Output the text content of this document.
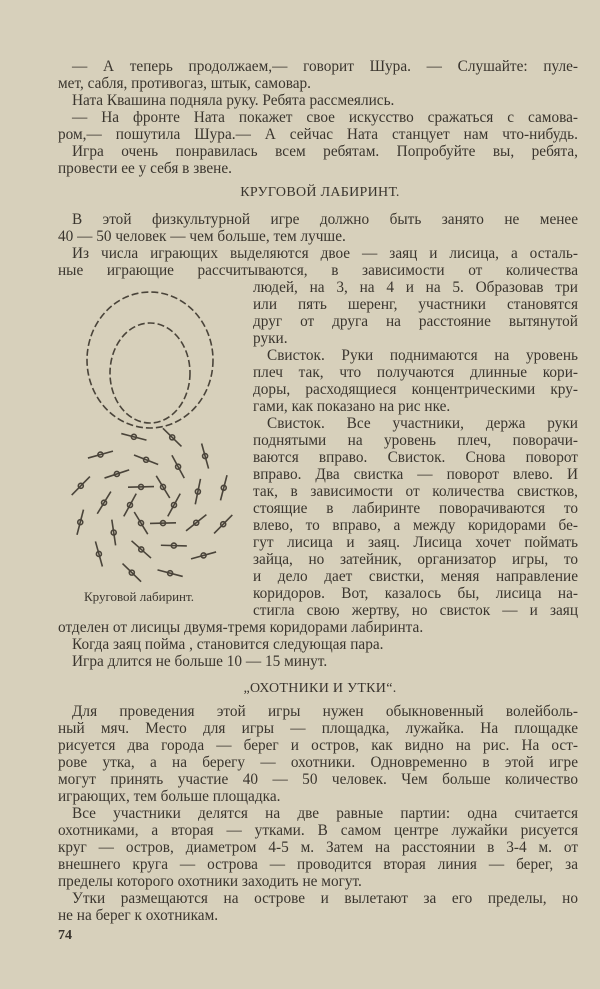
— А теперь продолжаем,— говорит Шура. — Слушайте: пуле-
мет, сабля, противогаз, штык, самовар.
Ната Квашина подняла руку. Ребята рассмеялись.
— На фронте Ната покажет свое искусство сражаться с самова-
ром,— пошутила Шура.— А сейчас Ната станцует нам что-нибудь.
Игра очень понравилась всем ребятам. Попробуйте вы, ребята,
провести ее у себя в звене.
КРУГОВОЙ ЛАБИРИНТ.
В этой физкультурной игре должно быть занято не менее
40 — 50 человек — чем больше, тем лучше.
Из числа играющих выделяются двое — заяц и лисица, а осталь-
ные играющие рассчитываются, в зависимости от количества
людей, на 3, на 4 и на 5. Образовав три
или пять шеренг, участники становятся
друг от друга на расстояние вытянутой
руки.
Свисток. Руки поднимаются на уровень
плеч так, что получаются длинные кори-
доры, расходящиеся концентрическими кру-
гами, как показано на рис нке.
Свисток. Все участники, держа руки
поднятыми на уровень плеч, поворачи-
ваются вправо. Свисток. Снова поворот
вправо. Два свистка — поворот влево. И
так, в зависимости от количества свистков,
стоящие в лабиринте поворачиваются то
влево, то вправо, а между коридорами бе-
гут лисица и заяц. Лисица хочет поймать
зайца, но затейник, организатор игры, то
и дело дает свистки, меняя направление
коридоров. Вот, казалось бы, лисица на-
стигла свою жертву, но свисток — и заяц
отделен от лисицы двумя-тремя коридорами лабиринта.
Когда заяц пойма , становится следующая пара.
Игра длится не больше 10 — 15 минут.
Круговой лабиринт.
„ОХОТНИКИ И УТКИ“.
Для проведения этой игры нужен обыкновенный волейболь-
ный мяч. Место для игры — площадка, лужайка. На площадке
рисуется два города — берег и остров, как видно на рис. На ост-
рове утка, а на берегу — охотники. Одновременно в этой игре
могут принять участие 40 — 50 человек. Чем больше количество
играющих, тем больше площадка.
Все участники делятся на две равные партии: одна считается
охотниками, а вторая — утками. В самом центре лужайки рисуется
круг — остров, диаметром 4-5 м. Затем на расстоянии в 3-4 м. от
внешнего круга — острова — проводится вторая линия — берег, за
пределы которого охотники заходить не могут.
Утки размещаются на острове и вылетают за его пределы, но
не на берег к охотникам.
74
